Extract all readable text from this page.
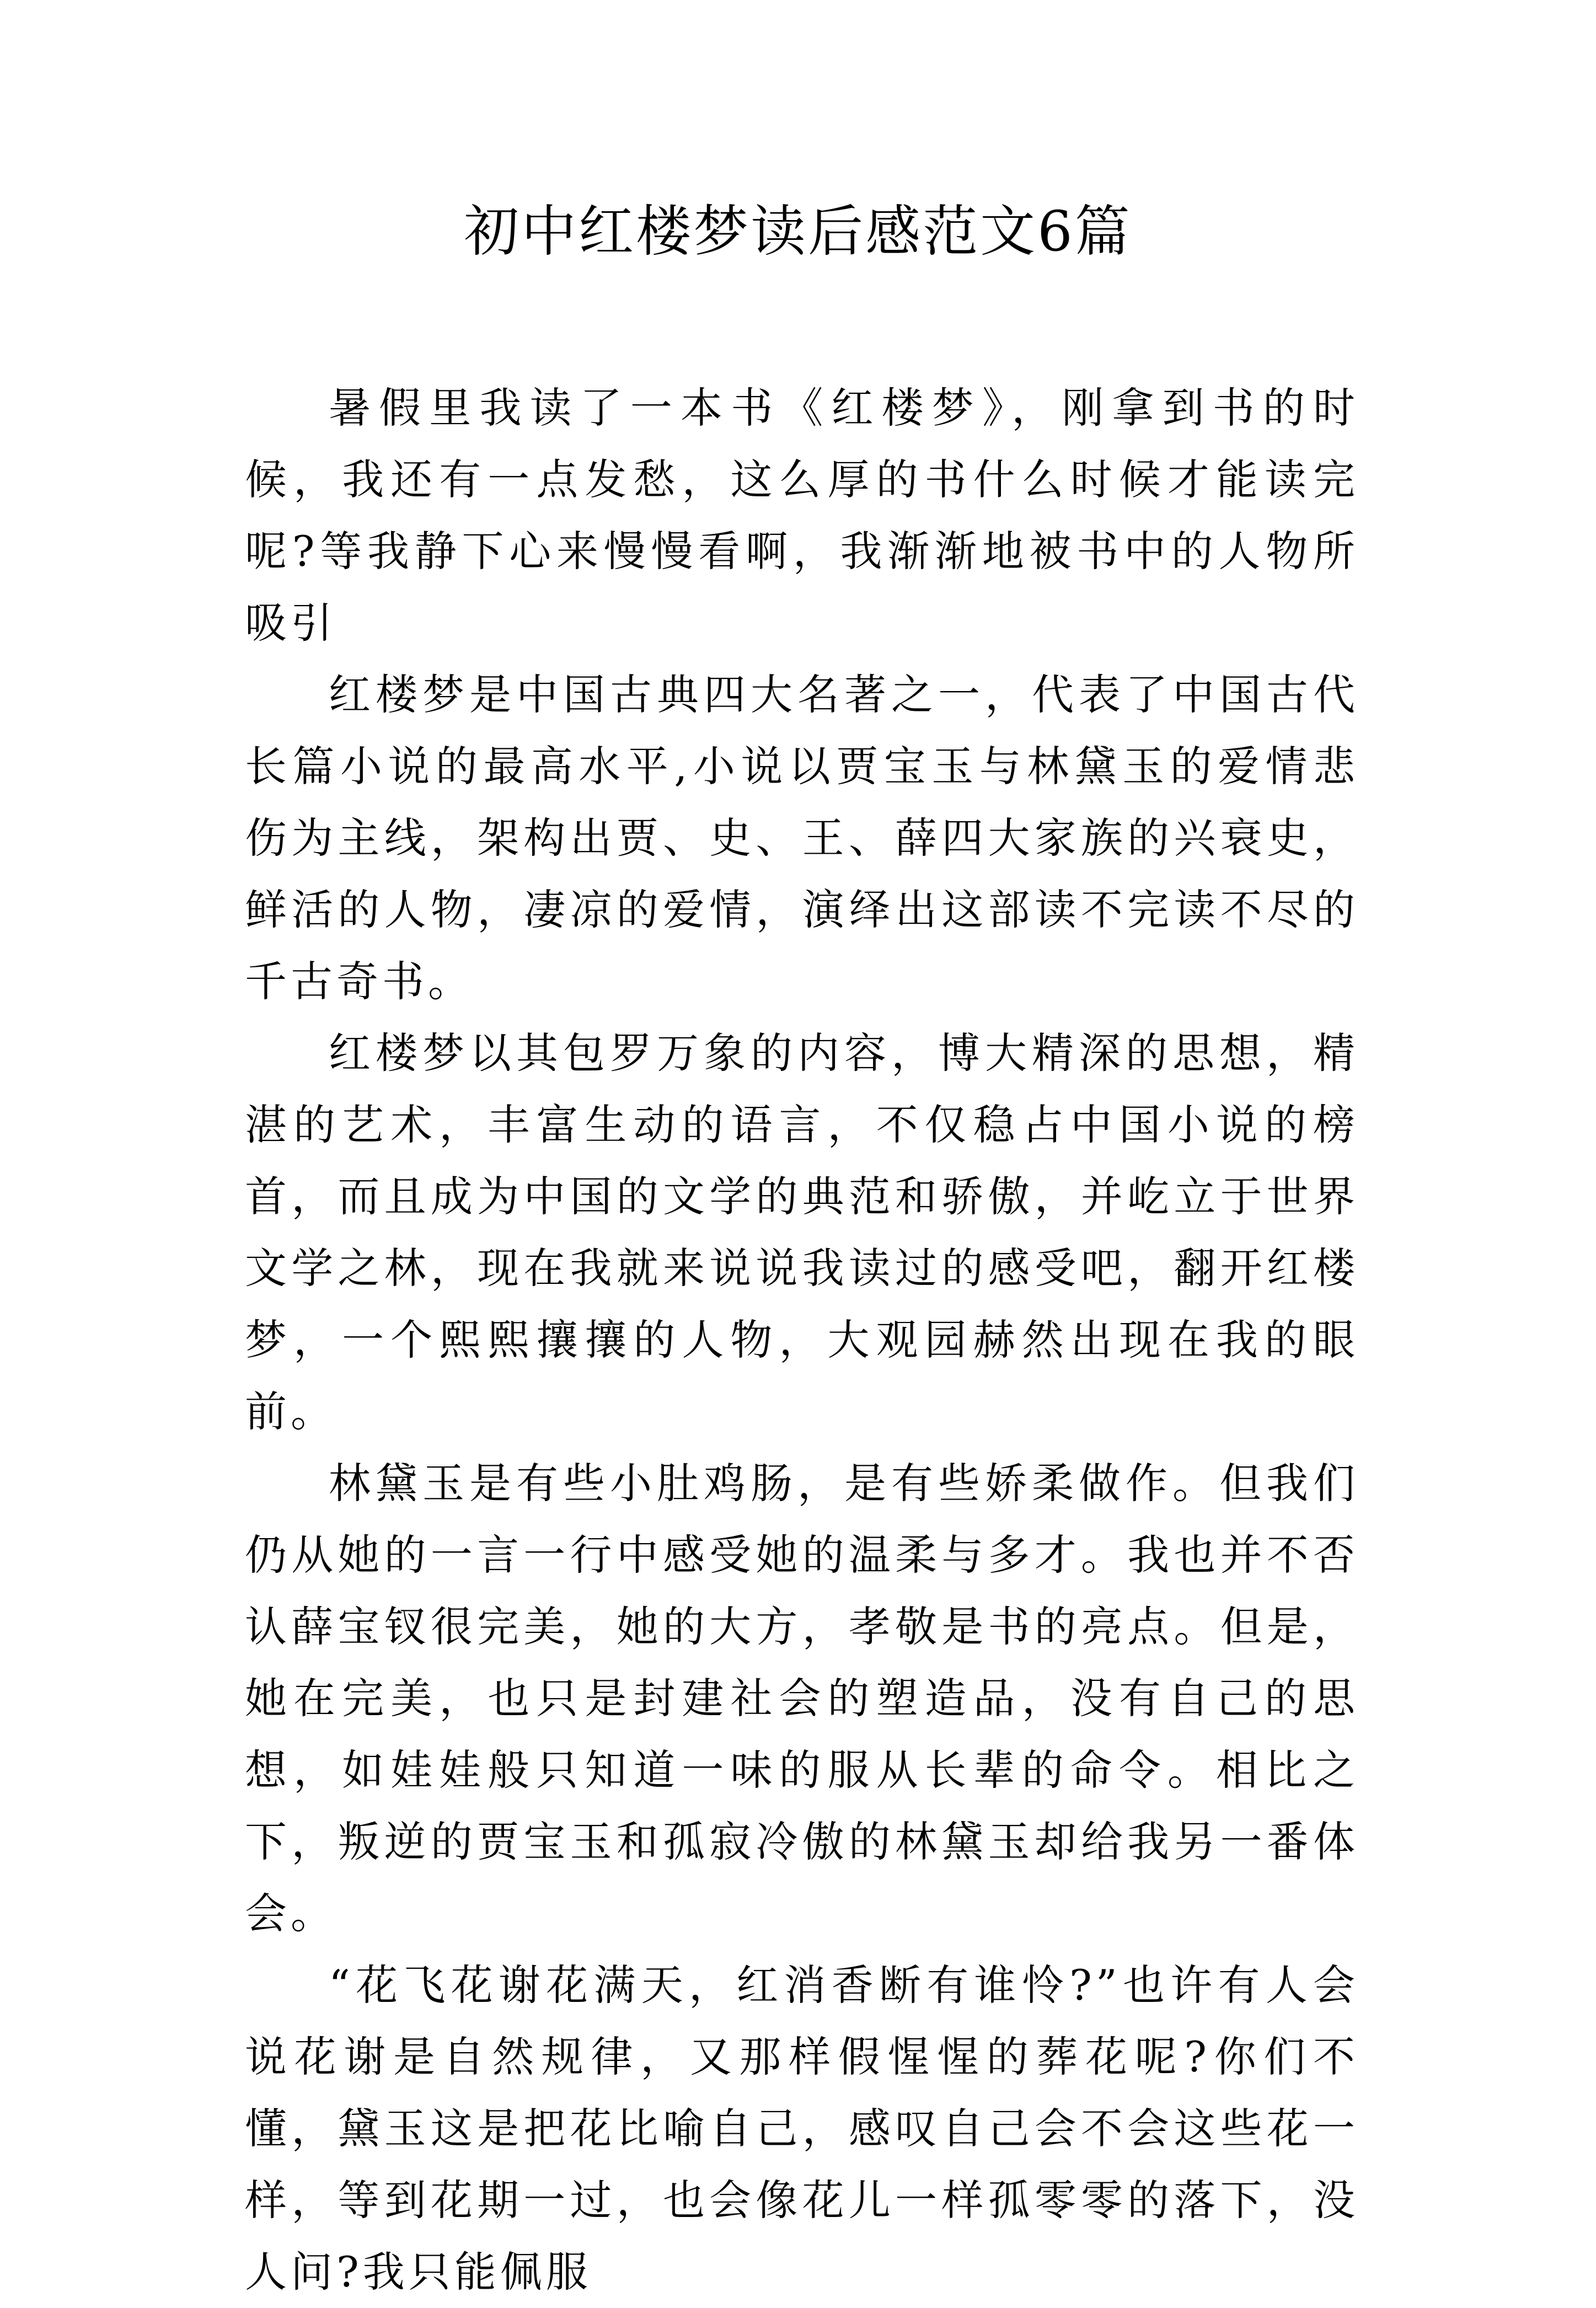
初中红楼梦读后感范文6篇

暑假里我读了一本书《红楼梦》，刚拿到书的时候，我还有一点发愁，这么厚的书什么时候才能读完呢?等我静下心来慢慢看啊，我渐渐地被书中的人物所吸引

红楼梦是中国古典四大名著之一，代表了中国古代长篇小说的最高水平,小说以贾宝玉与林黛玉的爱情悲伤为主线，架构出贾、史、王、薛四大家族的兴衰史，鲜活的人物，凄凉的爱情，演绎出这部读不完读不尽的千古奇书。

红楼梦以其包罗万象的内容，博大精深的思想，精湛的艺术，丰富生动的语言，不仅稳占中国小说的榜首，而且成为中国的文学的典范和骄傲，并屹立于世界文学之林，现在我就来说说我读过的感受吧，翻开红楼梦，一个熙熙攘攘的人物，大观园赫然出现在我的眼前。

林黛玉是有些小肚鸡肠，是有些娇柔做作。但我们仍从她的一言一行中感受她的温柔与多才。我也并不否认薛宝钗很完美，她的大方，孝敬是书的亮点。但是，她在完美，也只是封建社会的塑造品，没有自己的思想，如娃娃般只知道一味的服从长辈的命令。相比之下，叛逆的贾宝玉和孤寂冷傲的林黛玉却给我另一番体会。

“花飞花谢花满天，红消香断有谁怜?”也许有人会说花谢是自然规律，又那样假惺惺的葬花呢?你们不懂，黛玉这是把花比喻自己，感叹自己会不会这些花一样，等到花期一过，也会像花儿一样孤零零的落下，没人问?我只能佩服
